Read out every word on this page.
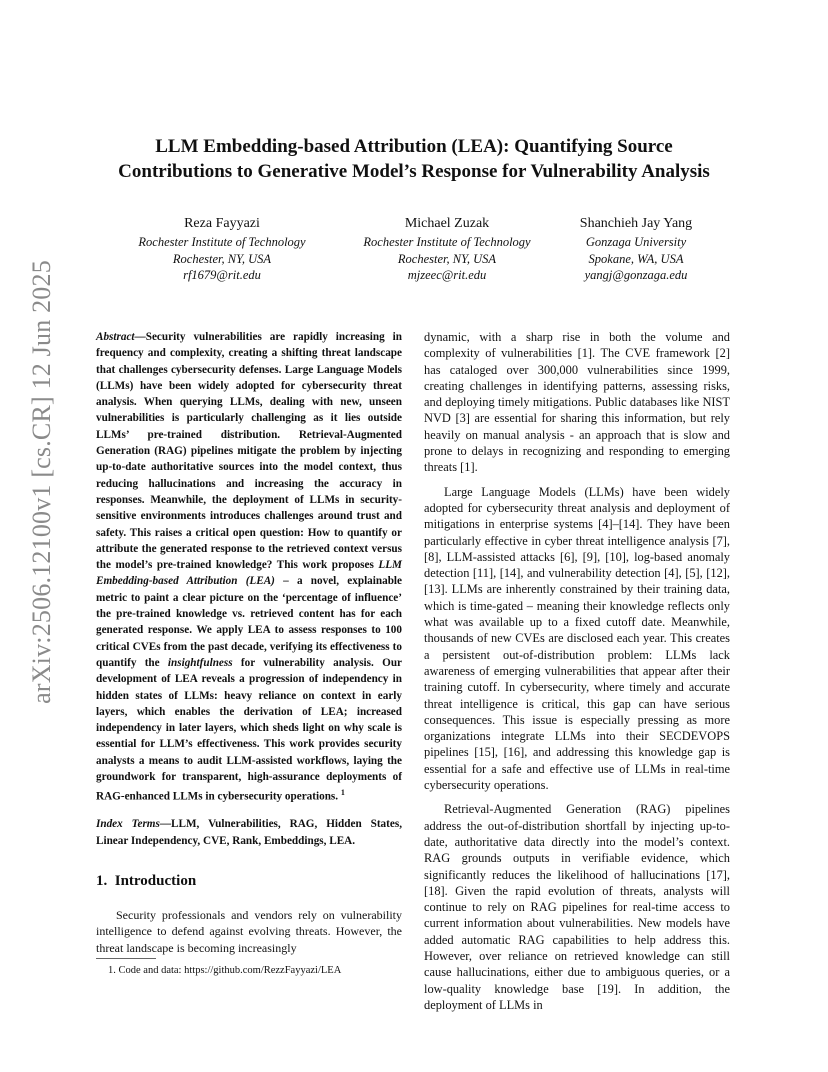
arXiv:2506.12100v1 [cs.CR] 12 Jun 2025
LLM Embedding-based Attribution (LEA): Quantifying Source
Contributions to Generative Model’s Response for Vulnerability Analysis
Reza Fayyazi
Rochester Institute of Technology
Rochester, NY, USA
rf1679@rit.edu
Michael Zuzak
Rochester Institute of Technology
Rochester, NY, USA
mjzeec@rit.edu
Shanchieh Jay Yang
Gonzaga University
Spokane, WA, USA
yangj@gonzaga.edu

Abstract—Security vulnerabilities are rapidly increasing in frequency and complexity, creating a shifting threat landscape that challenges cybersecurity defenses. Large Language Models (LLMs) have been widely adopted for cybersecurity threat analysis. When querying LLMs, dealing with new, unseen vulnerabilities is particularly challenging as it lies outside LLMs’ pre-trained distribution. Retrieval-Augmented Generation (RAG) pipelines mitigate the problem by injecting up-to-date authoritative sources into the model context, thus reducing hallucinations and increasing the accuracy in responses. Meanwhile, the deployment of LLMs in security-sensitive environments introduces challenges around trust and safety. This raises a critical open question: How to quantify or attribute the generated response to the retrieved context versus the model’s pre-trained knowledge? This work proposes LLM Embedding-based Attribution (LEA) – a novel, explainable metric to paint a clear picture on the ‘percentage of influence’ the pre-trained knowledge vs. retrieved content has for each generated response. We apply LEA to assess responses to 100 critical CVEs from the past decade, verifying its effectiveness to quantify the insightfulness for vulnerability analysis. Our development of LEA reveals a progression of independency in hidden states of LLMs: heavy reliance on context in early layers, which enables the derivation of LEA; increased independency in later layers, which sheds light on why scale is essential for LLM’s effectiveness. This work provides security analysts a means to audit LLM-assisted workflows, laying the groundwork for transparent, high-assurance deployments of RAG-enhanced LLMs in cybersecurity operations. $^1$

Index Terms—LLM, Vulnerabilities, RAG, Hidden States, Linear Independency, CVE, Rank, Embeddings, LEA.

1. Introduction

Security professionals and vendors rely on vulnerability intelligence to defend against evolving threats. However, the threat landscape is becoming increasingly

dynamic, with a sharp rise in both the volume and complexity of vulnerabilities [1]. The CVE framework [2] has cataloged over 300,000 vulnerabilities since 1999, creating challenges in identifying patterns, assessing risks, and deploying timely mitigations. Public databases like NIST NVD [3] are essential for sharing this information, but rely heavily on manual analysis - an approach that is slow and prone to delays in recognizing and responding to emerging threats [1].

Large Language Models (LLMs) have been widely adopted for cybersecurity threat analysis and deployment of mitigations in enterprise systems [4]–[14]. They have been particularly effective in cyber threat intelligence analysis [7], [8], LLM-assisted attacks [6], [9], [10], log-based anomaly detection [11], [14], and vulnerability detection [4], [5], [12], [13]. LLMs are inherently constrained by their training data, which is time-gated – meaning their knowledge reflects only what was available up to a fixed cutoff date. Meanwhile, thousands of new CVEs are disclosed each year. This creates a persistent out-of-distribution problem: LLMs lack awareness of emerging vulnerabilities that appear after their training cutoff. In cybersecurity, where timely and accurate threat intelligence is critical, this gap can have serious consequences. This issue is especially pressing as more organizations integrate LLMs into their SECDEVOPS pipelines [15], [16], and addressing this knowledge gap is essential for a safe and effective use of LLMs in real-time cybersecurity operations.

Retrieval-Augmented Generation (RAG) pipelines address the out-of-distribution shortfall by injecting up-to-date, authoritative data directly into the model’s context. RAG grounds outputs in verifiable evidence, which significantly reduces the likelihood of hallucinations [17], [18]. Given the rapid evolution of threats, analysts will continue to rely on RAG pipelines for real-time access to current information about vulnerabilities. New models have added automatic RAG capabilities to help address this. However, over reliance on retrieved knowledge can still cause hallucinations, either due to ambiguous queries, or a low-quality knowledge base [19]. In addition, the deployment of LLMs in

1. Code and data: https://github.com/RezzFayyazi/LEA
